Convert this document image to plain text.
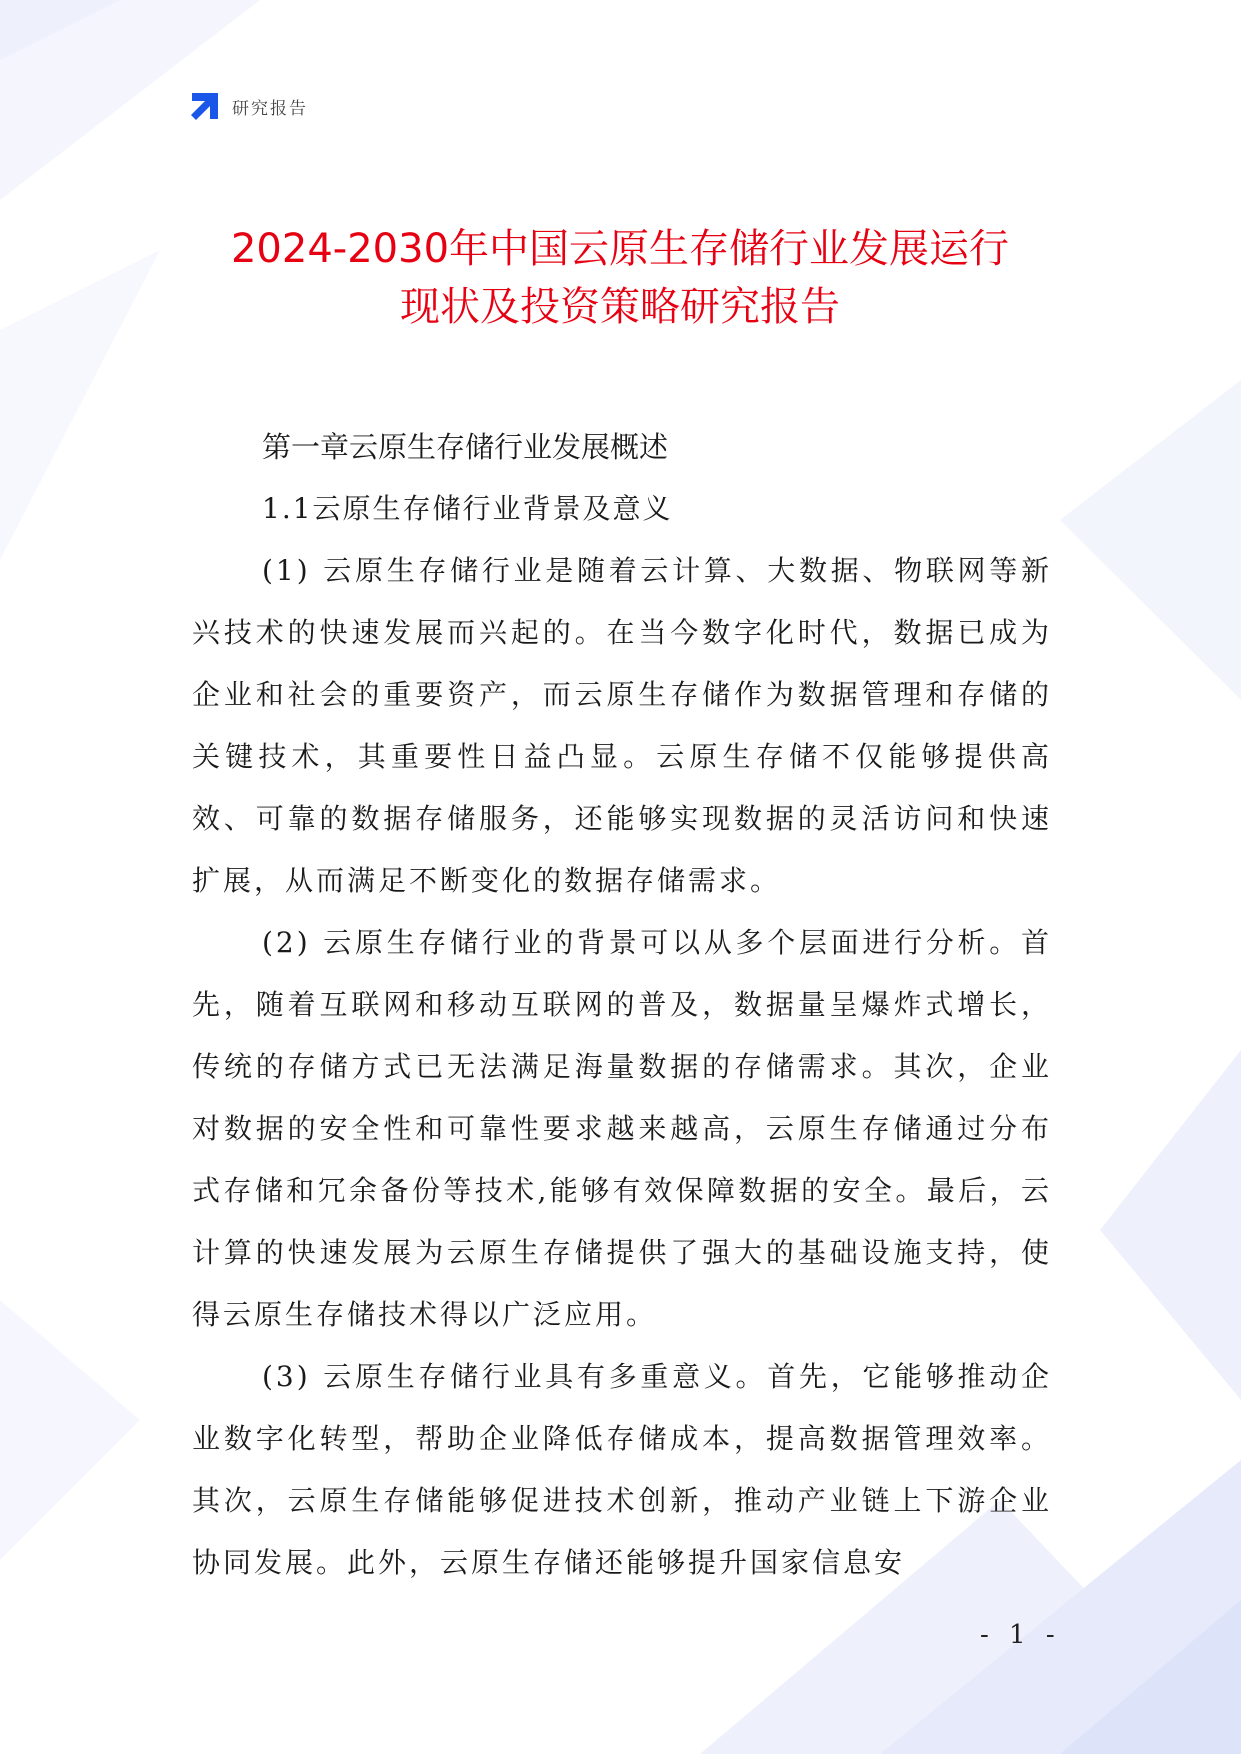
研究报告
2024-2030年中国云原生存储行业发展运行
现状及投资策略研究报告
第一章云原生存储行业发展概述
1.1云原生存储行业背景及意义

(1) 云原生存储行业是随着云计算、大数据、物联网等新兴技术的快速发展而兴起的。在当今数字化时代，数据已成为企业和社会的重要资产，而云原生存储作为数据管理和存储的关键技术，其重要性日益凸显。云原生存储不仅能够提供高效、可靠的数据存储服务，还能够实现数据的灵活访问和快速扩展，从而满足不断变化的数据存储需求。

(2) 云原生存储行业的背景可以从多个层面进行分析。首先，随着互联网和移动互联网的普及，数据量呈爆炸式增长，传统的存储方式已无法满足海量数据的存储需求。其次，企业对数据的安全性和可靠性要求越来越高，云原生存储通过分布式存储和冗余备份等技术,能够有效保障数据的安全。最后，云计算的快速发展为云原生存储提供了强大的基础设施支持，使得云原生存储技术得以广泛应用。

(3) 云原生存储行业具有多重意义。首先，它能够推动企业数字化转型，帮助企业降低存储成本，提高数据管理效率。其次，云原生存储能够促进技术创新，推动产业链上下游企业协同发展。此外，云原生存储还能够提升国家信息安

- 1 -
